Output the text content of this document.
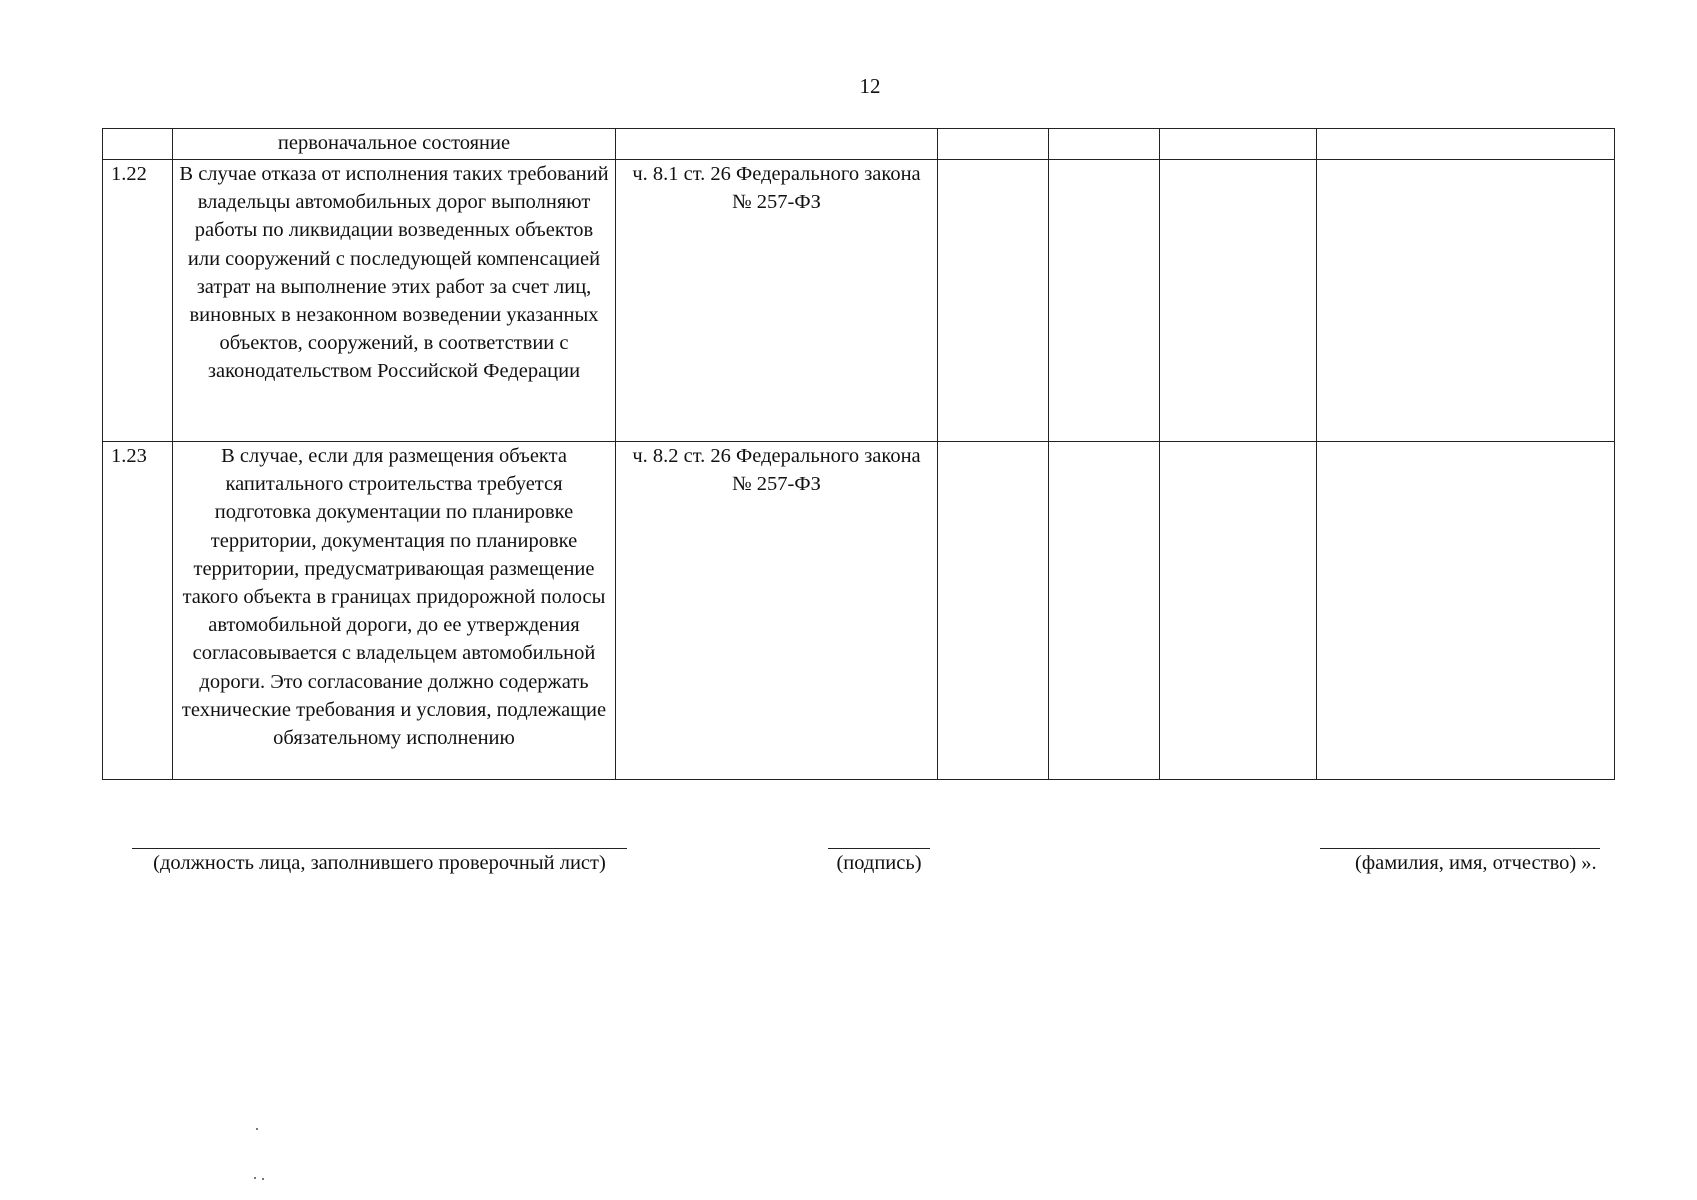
12
	первоначальное состояние					
1.22	В случае отказа от исполнения таких требований владельцы автомобильных дорог выполняют работы по ликвидации возведенных объектов или сооружений с последующей компенсацией затрат на выполнение этих работ за счет лиц, виновных в незаконном возведении указанных объектов, сооружений, в соответствии с законодательством Российской Федерации	ч. 8.1 ст. 26 Федерального закона № 257-ФЗ				
1.23	В случае, если для размещения объекта капитального строительства требуется подготовка документации по планировке территории, документация по планировке территории, предусматривающая размещение такого объекта в границах придорожной полосы автомобильной дороги, до ее утверждения согласовывается с владельцем автомобильной дороги. Это согласование должно содержать технические требования и условия, подлежащие обязательному исполнению	ч. 8.2 ст. 26 Федерального закона № 257-ФЗ				
(должность лица, заполнившего проверочный лист)	(подпись)	(фамилия, имя, отчество) ».
